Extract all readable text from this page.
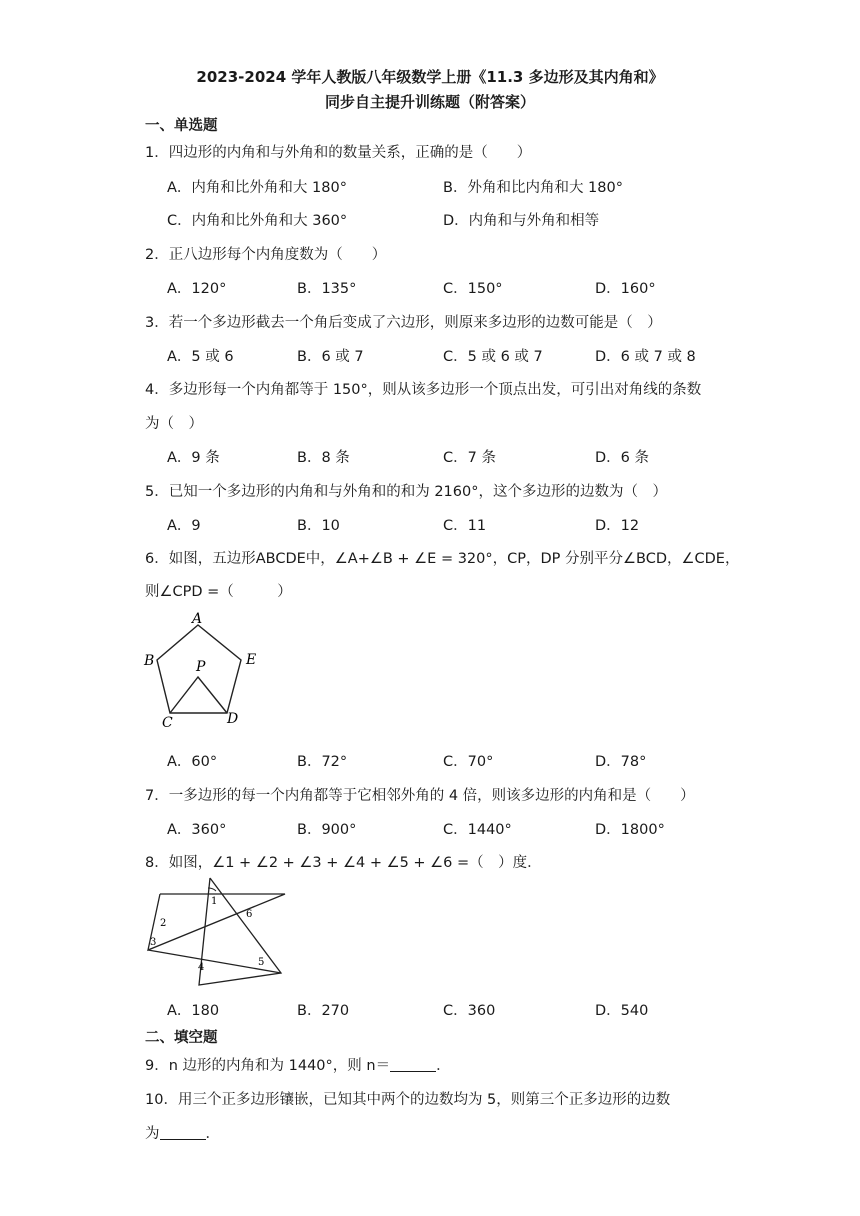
2023-2024 学年人教版八年级数学上册《11.3 多边形及其内角和》
同步自主提升训练题（附答案）
一、单选题
1．四边形的内角和与外角和的数量关系，正确的是（　　）
A．内角和比外角和大 180°	B．外角和比内角和大 180°
C．内角和比外角和大 360°	D．内角和与外角和相等
2．正八边形每个内角度数为（　　）
A．120°	B．135°	C．150°	D．160°
3．若一个多边形截去一个角后变成了六边形，则原来多边形的边数可能是（　）
A．5 或 6	B．6 或 7	C．5 或 6 或 7	D．6 或 7 或 8
4．多边形每一个内角都等于 150°，则从该多边形一个顶点出发，可引出对角线的条数
为（　）
A．9 条	B．8 条	C．7 条	D．6 条
5．已知一个多边形的内角和与外角和的和为 2160°，这个多边形的边数为（　）
A．9	B．10	C．11	D．12
6．如图，五边形ABCDE中，∠A+∠B + ∠E = 320°，CP，DP 分别平分∠BCD，∠CDE，
则∠CPD =（　　　）
A
B
C	D
E
P
A．60°	B．72°	C．70°	D．78°
7．一多边形的每一个内角都等于它相邻外角的 4 倍，则该多边形的内角和是（　　）
A．360°	B．900°	C．1440°	D．1800°
8．如图，∠1 + ∠2 + ∠3 + ∠4 + ∠5 + ∠6 =（　）度．
1
2
3
4	5
6
A．180	B．270	C．360	D．540
二、填空题
9．n 边形的内角和为 1440°，则 n＝	．
10．用三个正多边形镶嵌，已知其中两个的边数均为 5，则第三个正多边形的边数
为	．
